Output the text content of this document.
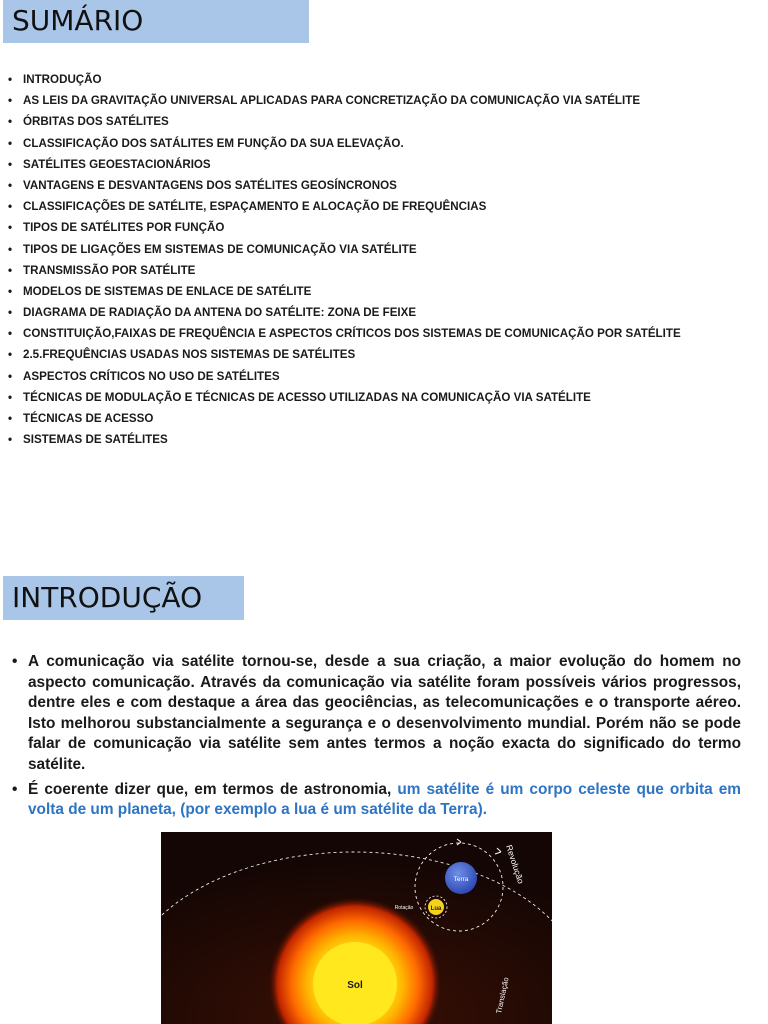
SUMÁRIO
• INTRODUÇÃO
• AS LEIS DA GRAVITAÇÃO UNIVERSAL APLICADAS PARA CONCRETIZAÇÃO DA COMUNICAÇÃO VIA SATÉLITE
• ÓRBITAS DOS SATÉLITES
• CLASSIFICAÇÃO DOS SATÁLITES EM FUNÇÃO DA SUA ELEVAÇÃO.
• SATÉLITES GEOESTACIONÁRIOS
• VANTAGENS E DESVANTAGENS DOS SATÉLITES GEOSÍNCRONOS
• CLASSIFICAÇÕES DE SATÉLITE, ESPAÇAMENTO E ALOCAÇÃO DE FREQUÊNCIAS
• TIPOS DE SATÉLITES POR FUNÇÃO
• TIPOS DE LIGAÇÕES EM SISTEMAS DE COMUNICAÇÃO VIA SATÉLITE
• TRANSMISSÃO POR SATÉLITE
• MODELOS DE SISTEMAS DE ENLACE DE SATÉLITE
• DIAGRAMA DE RADIAÇÃO DA ANTENA DO SATÉLITE: ZONA DE FEIXE
• CONSTITUIÇÃO,FAIXAS DE FREQUÊNCIA E ASPECTOS CRÍTICOS DOS SISTEMAS DE COMUNICAÇÃO POR SATÉLITE
• 2.5.FREQUÊNCIAS USADAS NOS SISTEMAS DE SATÉLITES
• ASPECTOS CRÍTICOS NO USO DE SATÉLITES
• TÉCNICAS DE MODULAÇÃO E TÉCNICAS DE ACESSO UTILIZADAS NA COMUNICAÇÃO VIA SATÉLITE
• TÉCNICAS DE ACESSO
• SISTEMAS DE SATÉLITES
INTRODUÇÃO
• A comunicação via satélite tornou-se, desde a sua criação, a maior evolução do homem no aspecto comunicação. Através da comunicação via satélite foram possíveis vários progressos, dentre eles e com destaque a área das geociências, as telecomunicações e o transporte aéreo. Isto melhorou substancialmente a segurança e o desenvolvimento mundial. Porém não se pode falar de comunicação via satélite sem antes termos a noção exacta do significado do termo satélite.
• É coerente dizer que, em termos de astronomia, um satélite é um corpo celeste que orbita em volta de um planeta, (por exemplo a lua é um satélite da Terra).
Sol
Terra
Lua
Rotação
Revolução
Translação
